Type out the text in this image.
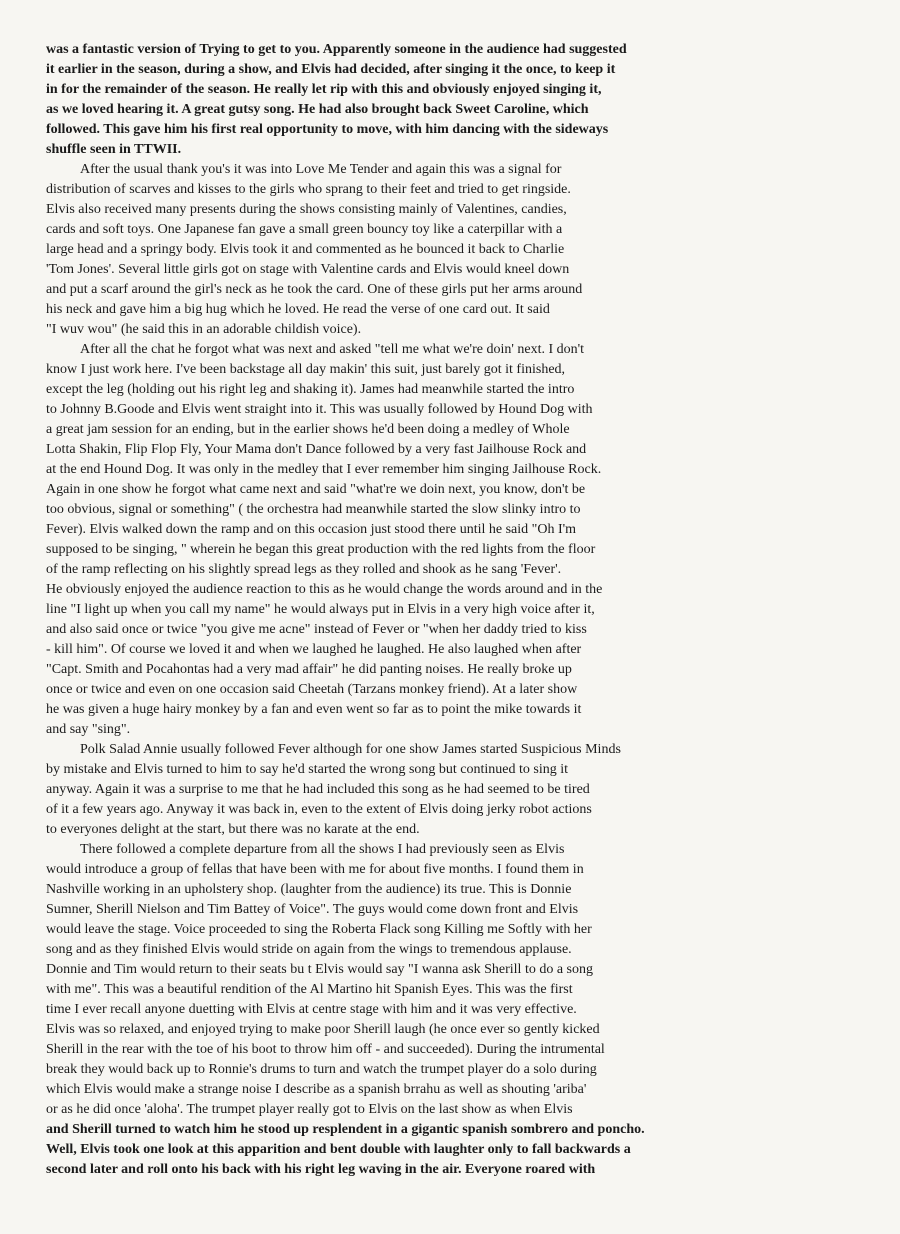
was a fantastic version of Trying to get to you. Apparently someone in the audience had suggested
it earlier in the season, during a show, and Elvis had decided, after singing it the once, to keep it
in for the remainder of the season. He really let rip with this and obviously enjoyed singing it,
as we loved hearing it. A great gutsy song. He had also brought back Sweet Caroline, which
followed. This gave him his first real opportunity to move, with him dancing with the sideways
shuffle seen in TTWII.
After the usual thank you's it was into Love Me Tender and again this was a signal for
distribution of scarves and kisses to the girls who sprang to their feet and tried to get ringside.
Elvis also received many presents during the shows consisting mainly of Valentines, candies,
cards and soft toys. One Japanese fan gave a small green bouncy toy like a caterpillar with a
large head and a springy body. Elvis took it and commented as he bounced it back to Charlie
'Tom Jones'. Several little girls got on stage with Valentine cards and Elvis would kneel down
and put a scarf around the girl's neck as he took the card. One of these girls put her arms around
his neck and gave him a big hug which he loved. He read the verse of one card out. It said
"I wuv wou" (he said this in an adorable childish voice).
After all the chat he forgot what was next and asked "tell me what we're doin' next. I don't
know I just work here. I've been backstage all day makin' this suit, just barely got it finished,
except the leg (holding out his right leg and shaking it). James had meanwhile started the intro
to Johnny B.Goode and Elvis went straight into it. This was usually followed by Hound Dog with
a great jam session for an ending, but in the earlier shows he'd been doing a medley of Whole
Lotta Shakin, Flip Flop Fly, Your Mama don't Dance followed by a very fast Jailhouse Rock and
at the end Hound Dog. It was only in the medley that I ever remember him singing Jailhouse Rock.
Again in one show he forgot what came next and said "what're we doin next, you know, don't be
too obvious, signal or something" ( the orchestra had meanwhile started the slow slinky intro to
Fever). Elvis walked down the ramp and on this occasion just stood there until he said "Oh I'm
supposed to be singing, " wherein he began this great production with the red lights from the floor
of the ramp reflecting on his slightly spread legs as they rolled and shook as he sang 'Fever'.
He obviously enjoyed the audience reaction to this as he would change the words around and in the
line "I light up when you call my name" he would always put in Elvis in a very high voice after it,
and also said once or twice "you give me acne" instead of Fever or "when her daddy tried to kiss
- kill him". Of course we loved it and when we laughed he laughed. He also laughed when after
"Capt. Smith and Pocahontas had a very mad affair" he did panting noises. He really broke up
once or twice and even on one occasion said Cheetah (Tarzans monkey friend). At a later show
he was given a huge hairy monkey by a fan and even went so far as to point the mike towards it
and say "sing".
Polk Salad Annie usually followed Fever although for one show James started Suspicious Minds
by mistake and Elvis turned to him to say he'd started the wrong song but continued to sing it
anyway. Again it was a surprise to me that he had included this song as he had seemed to be tired
of it a few years ago. Anyway it was back in, even to the extent of Elvis doing jerky robot actions
to everyones delight at the start, but there was no karate at the end.
There followed a complete departure from all the shows I had previously seen as Elvis
would introduce a group of fellas that have been with me for about five months. I found them in
Nashville working in an upholstery shop. (laughter from the audience) its true. This is Donnie
Sumner, Sherill Nielson and Tim Battey of Voice". The guys would come down front and Elvis
would leave the stage. Voice proceeded to sing the Roberta Flack song Killing me Softly with her
song and as they finished Elvis would stride on again from the wings to tremendous applause.
Donnie and Tim would return to their seats bu t Elvis would say "I wanna ask Sherill to do a song
with me". This was a beautiful rendition of the Al Martino hit Spanish Eyes. This was the first
time I ever recall anyone duetting with Elvis at centre stage with him and it was very effective.
Elvis was so relaxed, and enjoyed trying to make poor Sherill laugh (he once ever so gently kicked
Sherill in the rear with the toe of his boot to throw him off - and succeeded). During the intrumental
break they would back up to Ronnie's drums to turn and watch the trumpet player do a solo during
which Elvis would make a strange noise I describe as a spanish brrahu as well as shouting 'ariba'
or as he did once 'aloha'. The trumpet player really got to Elvis on the last show as when Elvis
and Sherill turned to watch him he stood up resplendent in a gigantic spanish sombrero and poncho.
Well, Elvis took one look at this apparition and bent double with laughter only to fall backwards a
second later and roll onto his back with his right leg waving in the air. Everyone roared with
